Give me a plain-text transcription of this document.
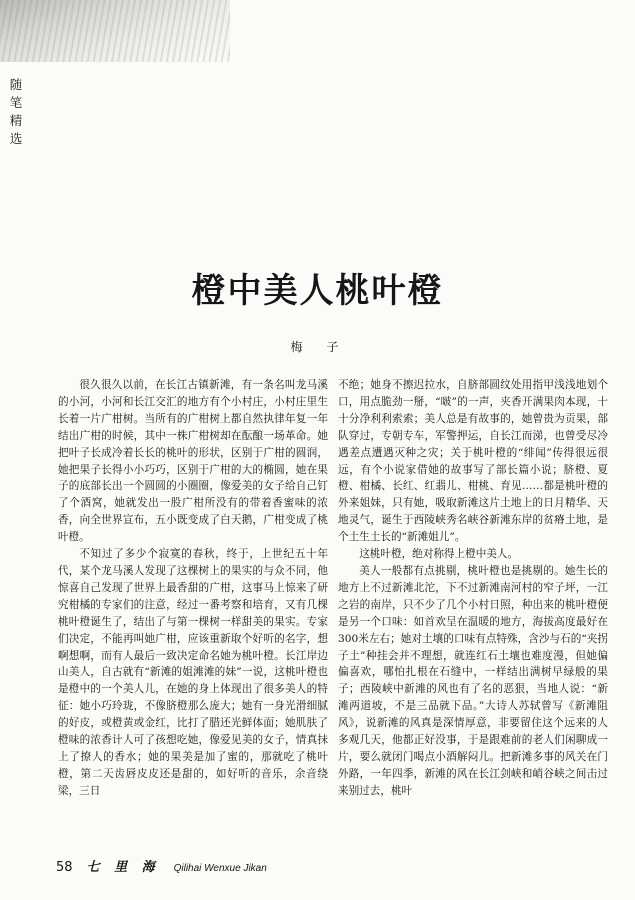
随
笔
精
选
橙中美人桃叶橙
梅　子

很久很久以前，在长江古镇新滩，有一条名叫龙马溪的小河，小河和长江交汇的地方有个小村庄，小村庄里生长着一片广柑树。当所有的广柑树上都自然执律年复一年结出广柑的时候，其中一株广柑树却在酝酿一场革命。她把叶子长成冷着长长的桃叶的形状，区别于广柑的圆润，她把果子长得小小巧巧，区别于广柑的大的椭圆，她在果子的底部长出一个圆圆的小圈圈，像爱美的女子给自己钉了个酒窝，她就发出一股广柑所没有的带着香蜜味的浓香，向全世界宣布，五小既变成了白天鹅，广柑变成了桃叶橙。

不知过了多少个寂寞的春秋，终于，上世纪五十年代，某个龙马溪人发现了这棵树上的果实的与众不同，他惊喜自己发现了世界上最香甜的广柑，这事马上惊来了研究柑橘的专家们的注意，经过一番考察和培育，又有几棵桃叶橙诞生了，结出了与第一棵树一样甜美的果实。专家们决定，不能再叫她广柑，应该重新取个好听的名字，想啊想啊，而有人最后一致决定命名她为桃叶橙。长江岸边山美人，自古就有“新滩的姐滩滩的妹”一说，这桃叶橙也是橙中的一个美人儿，在她的身上体现出了很多美人的特征：她小巧玲珑，不像脐橙那么庞大；她有一身光滑细腻的好皮，或橙黄或金红，比打了腊还光鲜体面；她肌肤了橙味的浓香计人可了孩想吃她，像爱见美的女子，情真抹上了撩人的香水；她的果美是加了蜜的，那就吃了桃叶橙，第二天齿唇皮皮还是甜的，如好听的音乐，余音绕梁，三日

不绝；她身不擦迟拉水，自脐部圆纹处用指甲浅浅地划个口，用点脆劲一掰，“啵”的一声，夹香开满果肉本现，十十分净利利索索；美人总是有故事的，她曾贵为贡果，部队穿过，专朝专车，军警押运，自长江而涕，也曾受尽冷遇差点遭遇灭种之灾；关于桃叶橙的“绯闻”传得很远很远，有个小说家借她的故事写了部长篇小说；脐橙、夏橙、柑橘、长红、红翡儿、柑桃、育见……都是桃叶橙的外来姐妹，只有她，吸取新滩这片土地上的日月精华、天地灵气，诞生于西陵峡秀名峡谷新滩东岸的贫瘠土地，是个土生土长的“新滩姐儿”。

这桃叶橙，绝对称得上橙中美人。

美人一般都有点挑剔，桃叶橙也是挑剔的。她生长的地方上不过新滩北沱，下不过新滩南河村的窄子坪，一江之岩的南岸，只不少了几个小村日照，种出来的桃叶橙便是另一个口味：如首欢呈在温暖的地方，海拔高度最好在300米左右；她对土壤的口味有点特殊，含沙与石的“夹拐子土”种挂会并不理想，就连红石土壤也难度漫，但她偏偏喜欢，哪怕扎根在石缝中，一样结出满树早绿般的果子；西陵峡中新滩的风也有了名的恶狠，当地人说：“新滩两道坡，不是三品就下品。”大诗人苏轼曾写《新滩阻风》，说新滩的风真是深情厚意，非要留住这个远来的人多观几天，他都正好没事，于是跟难前的老人们闲聊成一片，要么就闭门喝点小酒解闷儿。把新滩多事的风关在门外路，一年四季，新滩的风在长江剑峡和峭谷峡之间击过来别过去，桃叶

58 七 里 海 Qilihai Wenxue Jikan
